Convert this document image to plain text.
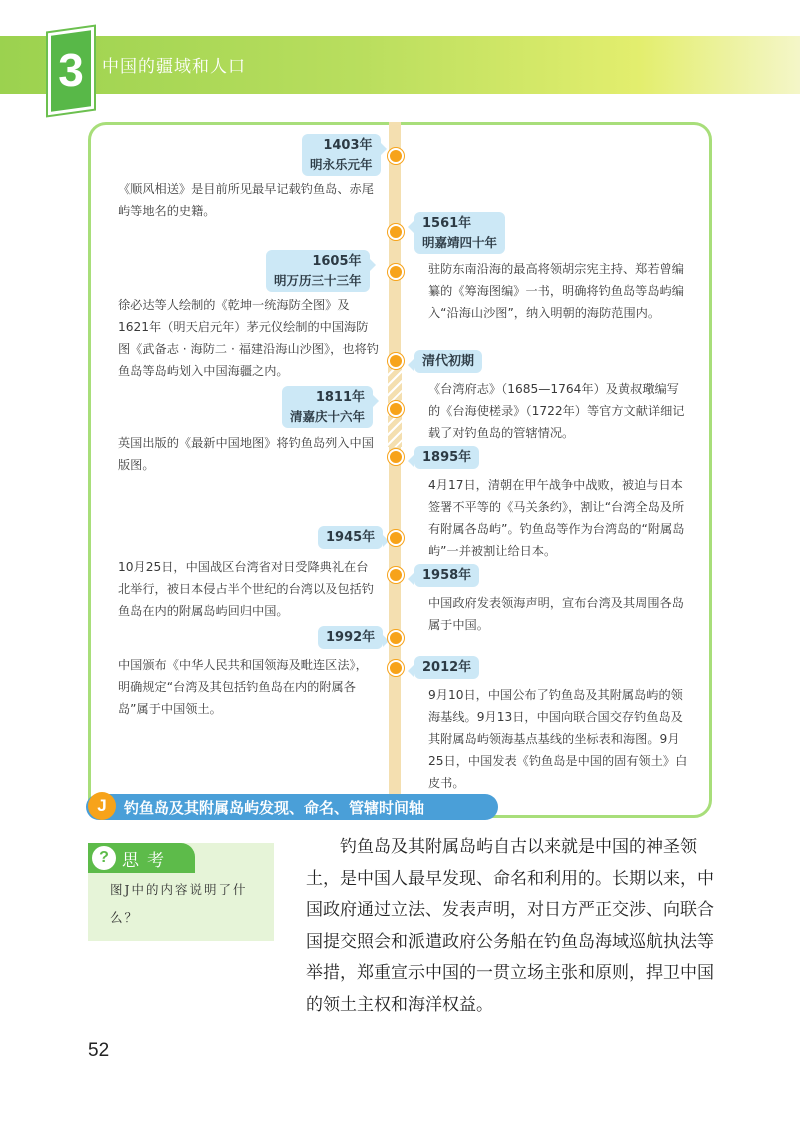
3	中国的疆域和人口
1403年
明永乐元年
《顺风相送》是目前所见最早记载钓鱼岛、赤尾屿等地名的史籍。
1561年
明嘉靖四十年
驻防东南沿海的最高将领胡宗宪主持、郑若曾编纂的《筹海图编》一书，明确将钓鱼岛等岛屿编入“沿海山沙图”，纳入明朝的海防范围内。
1605年
明万历三十三年
徐必达等人绘制的《乾坤一统海防全图》及1621年（明天启元年）茅元仪绘制的中国海防图《武备志 · 海防二 · 福建沿海山沙图》，也将钓鱼岛等岛屿划入中国海疆之内。
清代初期
《台湾府志》（1685—1764年）及黄叔璥编写的《台海使槎录》（1722年）等官方文献详细记载了对钓鱼岛的管辖情况。
1811年
清嘉庆十六年
英国出版的《最新中国地图》将钓鱼岛列入中国版图。	1895年
4月17日，清朝在甲午战争中战败，被迫与日本签署不平等的《马关条约》，割让“台湾全岛及所有附属各岛屿”。钓鱼岛等作为台湾岛的“附属岛屿”一并被割让给日本。
1945年
10月25日，中国战区台湾省对日受降典礼在台北举行，被日本侵占半个世纪的台湾以及包括钓鱼岛在内的附属岛屿回归中国。
1958年
中国政府发表领海声明，宣布台湾及其周围各岛属于中国。
1992年
中国颁布《中华人民共和国领海及毗连区法》，明确规定“台湾及其包括钓鱼岛在内的附属各岛”属于中国领土。
2012年
9月10日，中国公布了钓鱼岛及其附属岛屿的领海基线。9月13日，中国向联合国交存钓鱼岛及其附属岛屿领海基点基线的坐标表和海图。9月25日，中国发表《钓鱼岛是中国的固有领土》白皮书。
J	钓鱼岛及其附属岛屿发现、命名、管辖时间轴
? 思考
图J中的内容说明了什么？
钓鱼岛及其附属岛屿自古以来就是中国的神圣领土，是中国人最早发现、命名和利用的。长期以来，中国政府通过立法、发表声明，对日方严正交涉、向联合国提交照会和派遣政府公务船在钓鱼岛海域巡航执法等举措，郑重宣示中国的一贯立场主张和原则，捍卫中国的领土主权和海洋权益。
52
